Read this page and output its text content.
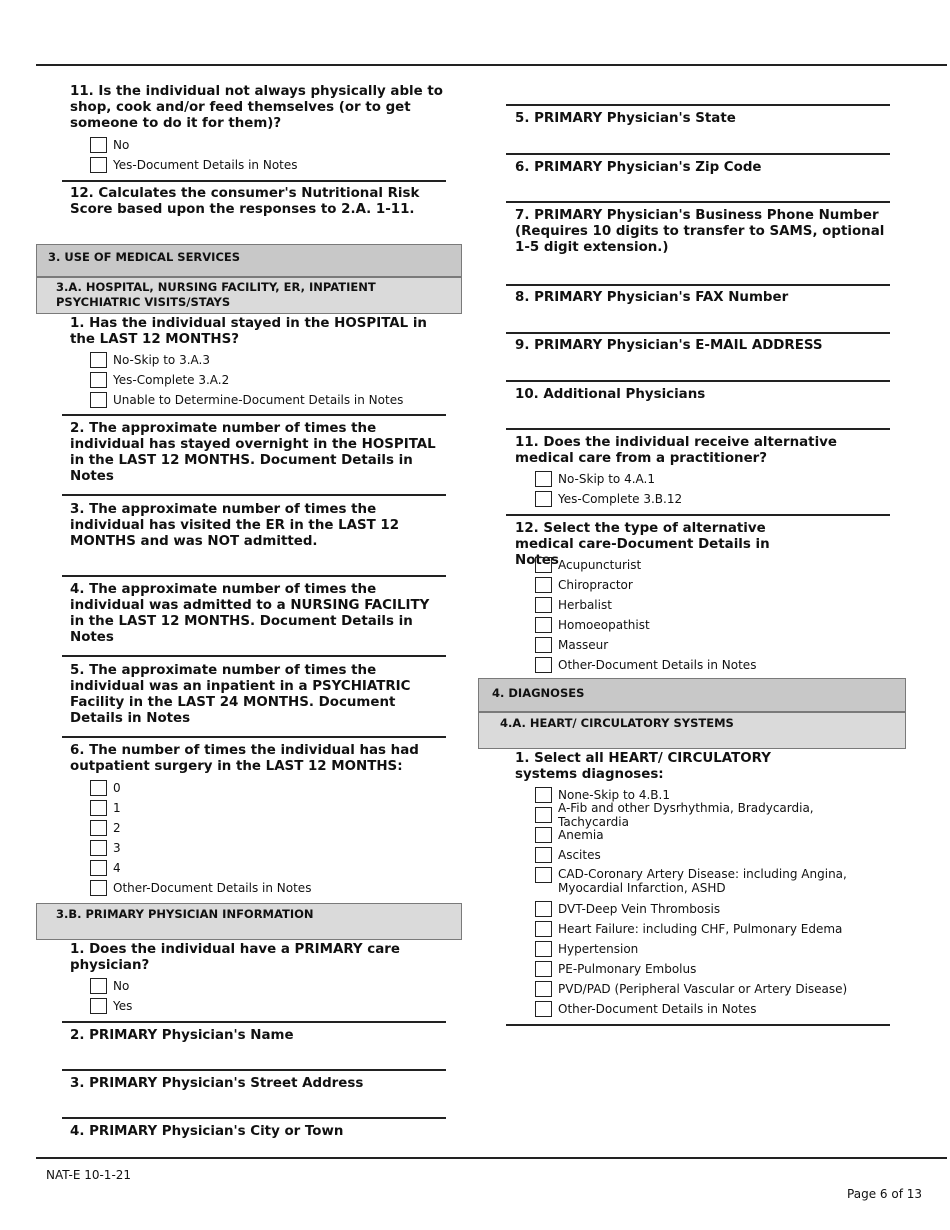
11. Is the individual not always physically able to shop, cook and/or feed themselves (or to get someone to do it for them)?
No
Yes-Document Details in Notes
12. Calculates the consumer's Nutritional Risk Score based upon the responses to 2.A. 1-11.
3. USE OF MEDICAL SERVICES
3.A. HOSPITAL, NURSING FACILITY, ER, INPATIENT PSYCHIATRIC VISITS/STAYS
1. Has the individual stayed in the HOSPITAL in the LAST 12 MONTHS?
No-Skip to 3.A.3
Yes-Complete 3.A.2
Unable to Determine-Document Details in Notes
2. The approximate number of times the individual has stayed overnight in the HOSPITAL in the LAST 12 MONTHS. Document Details in Notes
3. The approximate number of times the individual has visited the ER in the LAST 12 MONTHS and was NOT admitted.
4. The approximate number of times the individual was admitted to a NURSING FACILITY in the LAST 12 MONTHS. Document Details in Notes
5. The approximate number of times the individual was an inpatient in a PSYCHIATRIC Facility in the LAST 24 MONTHS. Document Details in Notes
6. The number of times the individual has had outpatient surgery in the LAST 12 MONTHS:
0
1
2
3
4
Other-Document Details in Notes
3.B. PRIMARY PHYSICIAN INFORMATION
1. Does the individual have a PRIMARY care physician?
No
Yes
2. PRIMARY Physician's Name
3. PRIMARY Physician's Street Address
4. PRIMARY Physician's City or Town
5. PRIMARY Physician's State
6. PRIMARY Physician's Zip Code
7. PRIMARY Physician's Business Phone Number (Requires 10 digits to transfer to SAMS, optional 1-5 digit extension.)
8. PRIMARY Physician's FAX Number
9. PRIMARY Physician's E-MAIL ADDRESS
10. Additional Physicians
11. Does the individual receive alternative medical care from a practitioner?
No-Skip to 4.A.1
Yes-Complete 3.B.12
12. Select the type of alternative medical care-Document Details in Notes Acupuncturist
Chiropractor
Herbalist
Homoeopathist
Masseur
Other-Document Details in Notes
4. DIAGNOSES
4.A. HEART/ CIRCULATORY SYSTEMS
1. Select all HEART/ CIRCULATORY systems diagnoses:
None-Skip to 4.B.1
A-Fib and other Dysrhythmia, Bradycardia, Tachycardia
Anemia
Ascites
CAD-Coronary Artery Disease: including Angina, Myocardial Infarction, ASHD
DVT-Deep Vein Thrombosis
Heart Failure: including CHF, Pulmonary Edema
Hypertension
PE-Pulmonary Embolus
PVD/PAD (Peripheral Vascular or Artery Disease)
Other-Document Details in Notes
NAT-E 10-1-21
Page 6 of 13
